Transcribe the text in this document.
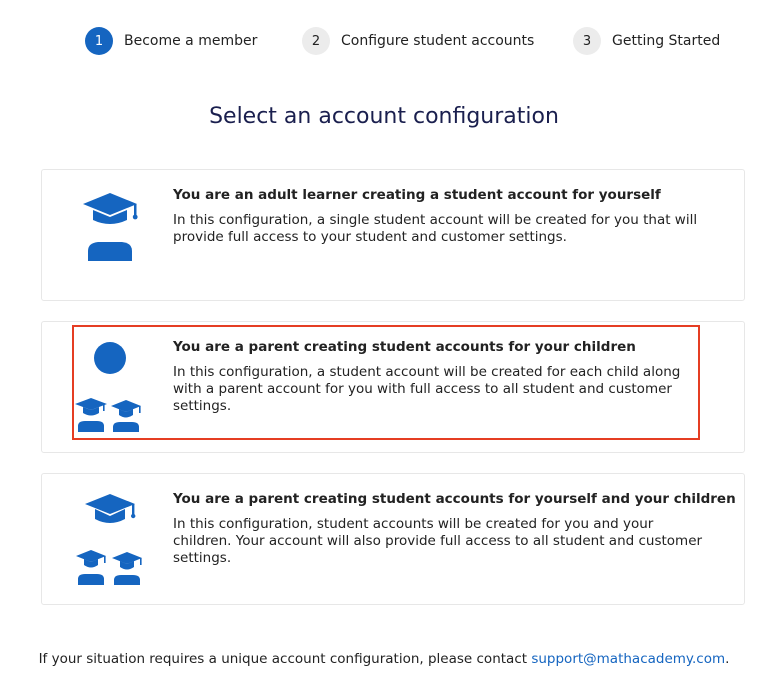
1	Become a member	2	Configure student accounts	3	Getting Started
Select an account configuration
You are an adult learner creating a student account for yourself
In this configuration, a single student account will be created for you that will provide full access to your student and customer settings.
You are a parent creating student accounts for your children
In this configuration, a student account will be created for each child along with a parent account for you with full access to all student and customer settings.
You are a parent creating student accounts for yourself and your children
In this configuration, student accounts will be created for you and your children. Your account will also provide full access to all student and customer settings.
If your situation requires a unique account configuration, please contact support@mathacademy.com.
